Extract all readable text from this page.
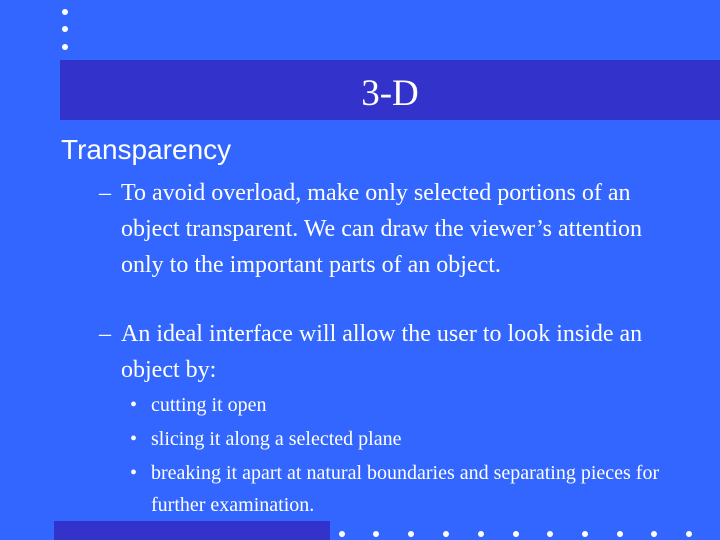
3-D
Transparency
– To avoid overload, make only selected portions of an object transparent. We can draw the viewer’s attention only to the important parts of an object.
– An ideal interface will allow the user to look inside an object by:
• cutting it open
• slicing it along a selected plane
• breaking it apart at natural boundaries and separating pieces for further examination.
